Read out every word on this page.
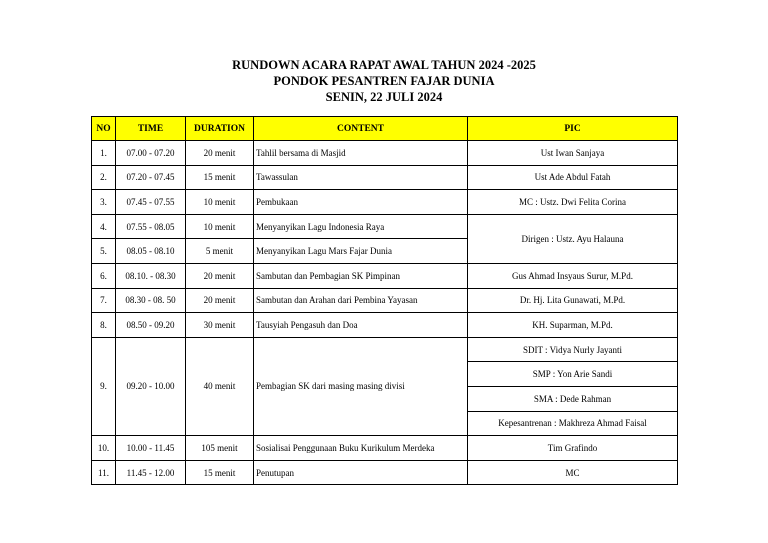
RUNDOWN ACARA RAPAT AWAL TAHUN 2024 -2025
PONDOK PESANTREN FAJAR DUNIA
SENIN, 22 JULI 2024
NO	TIME	DURATION	CONTENT	PIC
1.	07.00 - 07.20	20 menit	Tahlil bersama di Masjid	Ust Iwan Sanjaya
2.	07.20 - 07.45	15 menit	Tawassulan	Ust Ade Abdul Fatah
3.	07.45 - 07.55	10 menit	Pembukaan	MC : Ustz. Dwi Felita Corina
4.	07.55 - 08.05	10 menit	Menyanyikan Lagu Indonesia Raya	Dirigen : Ustz. Ayu Halauna
5.	08.05 - 08.10	5 menit	Menyanyikan Lagu Mars Fajar Dunia	
6.	08.10. - 08.30	20 menit	Sambutan dan Pembagian SK Pimpinan	Gus Ahmad Insyaus Surur, M.Pd.
7.	08.30 - 08. 50	20 menit	Sambutan dan Arahan dari Pembina Yayasan	Dr. Hj. Lita Gunawati, M.Pd.
8.	08.50 - 09.20	30 menit	Tausyiah Pengasuh dan Doa	KH. Suparman, M.Pd.
9.	09.20 - 10.00	40 menit	Pembagian SK dari masing masing divisi	SDIT : Vidya Nurly Jayanti
				SMP : Yon Arie Sandi
				SMA : Dede Rahman
				Kepesantrenan : Makhreza Ahmad Faisal
10.	10.00 - 11.45	105 menit	Sosialisai Penggunaan Buku Kurikulum Merdeka	Tim Grafindo
11.	11.45 - 12.00	15 menit	Penutupan	MC
